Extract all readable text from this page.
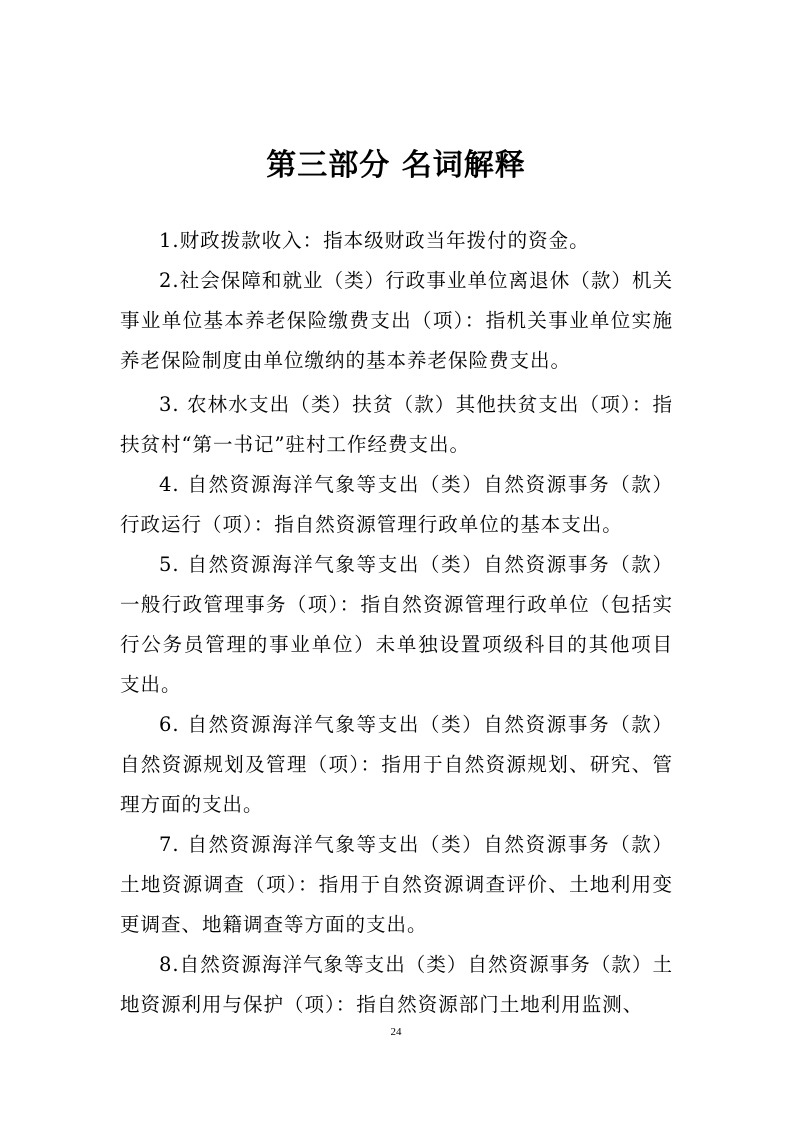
第三部分 名词解释

1.财政拨款收入：指本级财政当年拨付的资金。

2.社会保障和就业（类）行政事业单位离退休（款）机关事业单位基本养老保险缴费支出（项）：指机关事业单位实施养老保险制度由单位缴纳的基本养老保险费支出。

3. 农林水支出（类）扶贫（款）其他扶贫支出（项）：指扶贫村“第一书记”驻村工作经费支出。

4. 自然资源海洋气象等支出（类）自然资源事务（款）行政运行（项）：指自然资源管理行政单位的基本支出。

5. 自然资源海洋气象等支出（类）自然资源事务（款）一般行政管理事务（项）：指自然资源管理行政单位（包括实行公务员管理的事业单位）未单独设置项级科目的其他项目支出。

6. 自然资源海洋气象等支出（类）自然资源事务（款）自然资源规划及管理（项）：指用于自然资源规划、研究、管理方面的支出。

7. 自然资源海洋气象等支出（类）自然资源事务（款）土地资源调查（项）：指用于自然资源调查评价、土地利用变更调查、地籍调查等方面的支出。

8.自然资源海洋气象等支出（类）自然资源事务（款）土地资源利用与保护（项）：指自然资源部门土地利用监测、

24
